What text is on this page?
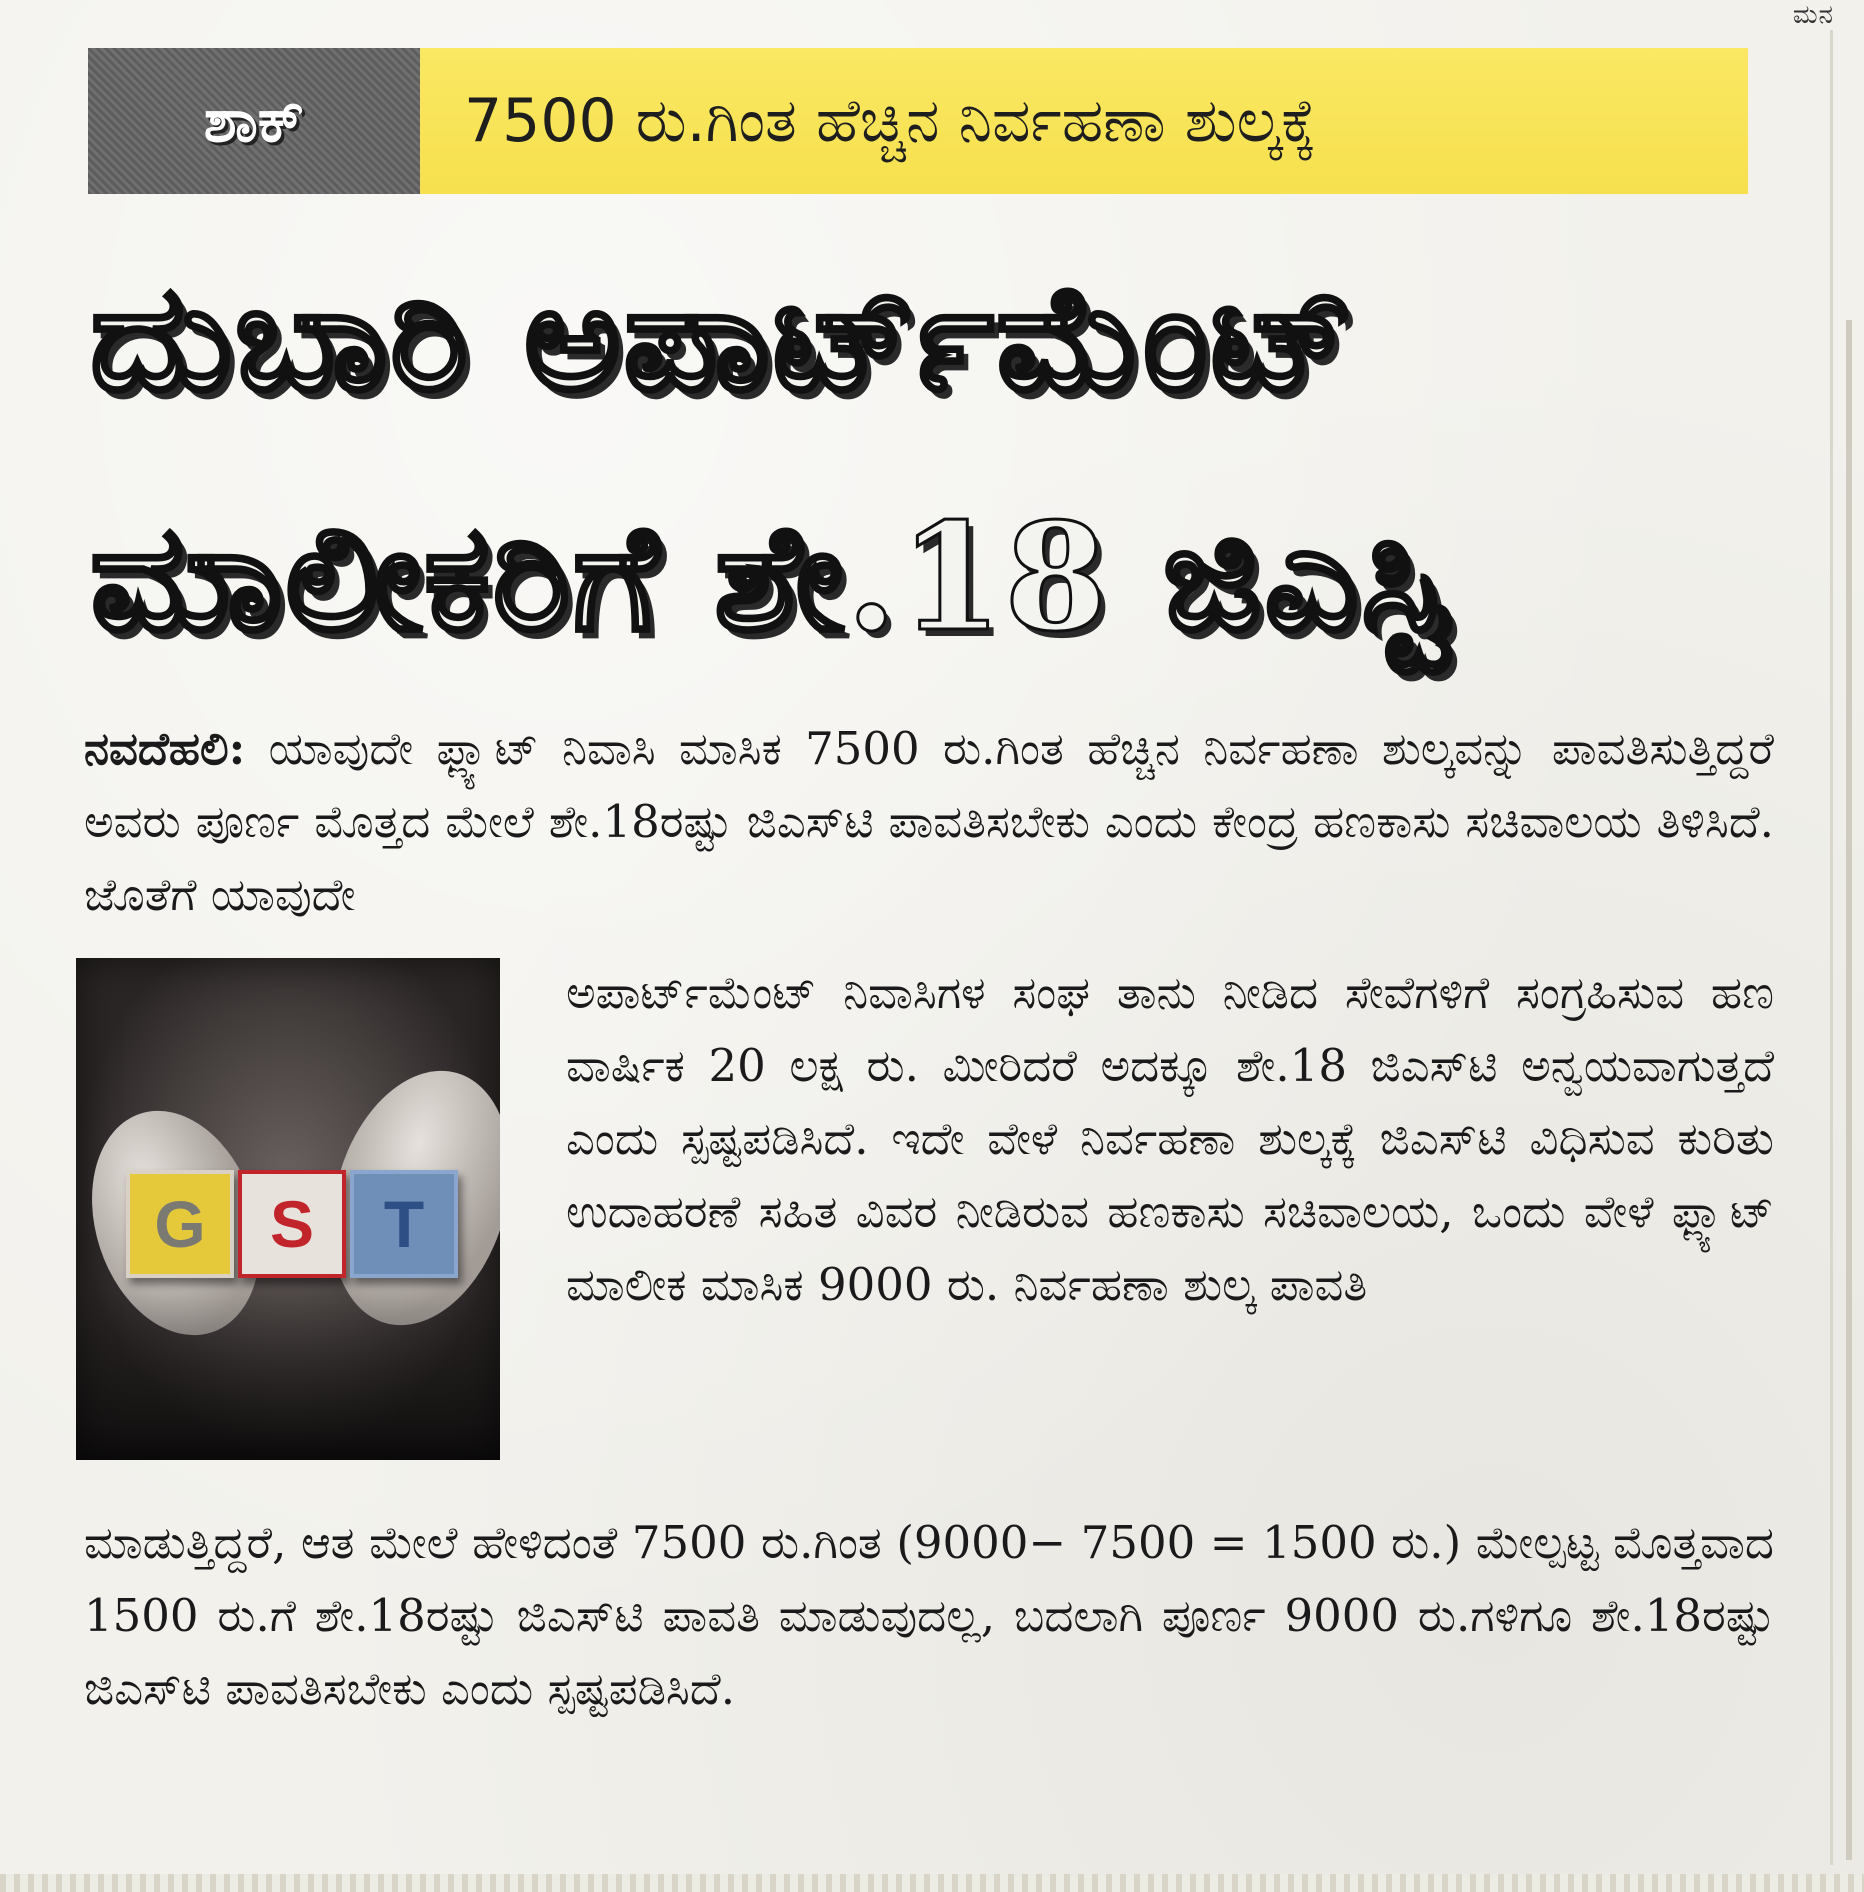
ಮನ
ಶಾಕ್	7500 ರು.ಗಿಂತ ಹೆಚ್ಚಿನ ನಿರ್ವಹಣಾ ಶುಲ್ಕಕ್ಕೆ
ದುಬಾರಿ ಅಪಾರ್ಟ್‌ಮೆಂಟ್
ಮಾಲೀಕರಿಗೆ ಶೇ.18 ಜಿಎಸ್ಟಿ
ನವದೆಹಲಿ: ಯಾವುದೇ ಫ್ಲ್ಯಾಟ್ ನಿವಾಸಿ ಮಾಸಿಕ 7500 ರು.ಗಿಂತ ಹೆಚ್ಚಿನ ನಿರ್ವಹಣಾ ಶುಲ್ಕವನ್ನು ಪಾವತಿಸುತ್ತಿದ್ದರೆ ಅವರು ಪೂರ್ಣ ಮೊತ್ತದ ಮೇಲೆ ಶೇ.18ರಷ್ಟು ಜಿಎಸ್‌ಟಿ ಪಾವತಿಸಬೇಕು ಎಂದು ಕೇಂದ್ರ ಹಣಕಾಸು ಸಚಿವಾಲಯ ತಿಳಿಸಿದೆ. ಜೊತೆಗೆ ಯಾವುದೇ
G S	T
ಅಪಾರ್ಟ್‌ಮೆಂಟ್ ನಿವಾಸಿಗಳ ಸಂಘ ತಾನು ನೀಡಿದ ಸೇವೆಗಳಿಗೆ ಸಂಗ್ರಹಿಸುವ ಹಣ ವಾರ್ಷಿಕ 20 ಲಕ್ಷ ರು. ಮೀರಿದರೆ ಅದಕ್ಕೂ ಶೇ.18 ಜಿಎಸ್‌ಟಿ ಅನ್ವಯವಾಗುತ್ತದೆ ಎಂದು ಸ್ಪಷ್ಟಪಡಿಸಿದೆ. ಇದೇ ವೇಳೆ ನಿರ್ವಹಣಾ ಶುಲ್ಕಕ್ಕೆ ಜಿಎಸ್‌ಟಿ ವಿಧಿಸುವ ಕುರಿತು ಉದಾಹರಣೆ ಸಹಿತ ವಿವರ ನೀಡಿರುವ ಹಣಕಾಸು ಸಚಿವಾಲಯ, ಒಂದು ವೇಳೆ ಫ್ಲ್ಯಾಟ್ ಮಾಲೀಕ ಮಾಸಿಕ 9000 ರು. ನಿರ್ವಹಣಾ ಶುಲ್ಕ ಪಾವತಿ
ಮಾಡುತ್ತಿದ್ದರೆ, ಆತ ಮೇಲೆ ಹೇಳಿದಂತೆ 7500 ರು.ಗಿಂತ (9000− 7500 = 1500 ರು.) ಮೇಲ್ಪಟ್ಟ ಮೊತ್ತವಾದ 1500 ರು.ಗೆ ಶೇ.18ರಷ್ಟು ಜಿಎಸ್‌ಟಿ ಪಾವತಿ ಮಾಡುವುದಲ್ಲ, ಬದಲಾಗಿ ಪೂರ್ಣ 9000 ರು.ಗಳಿಗೂ ಶೇ.18ರಷ್ಟು ಜಿಎಸ್‌ಟಿ ಪಾವತಿಸಬೇಕು ಎಂದು ಸ್ಪಷ್ಟಪಡಿಸಿದೆ.
